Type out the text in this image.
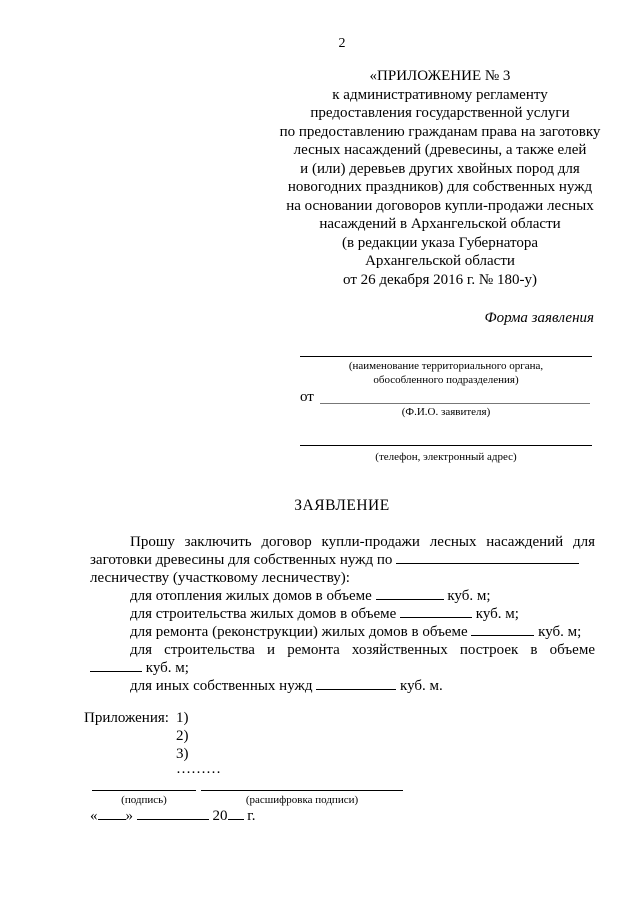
2
«ПРИЛОЖЕНИЕ № 3
к административному регламенту
предоставления государственной услуги
по предоставлению гражданам права на заготовку
лесных насаждений (древесины, а также елей
и (или) деревьев других хвойных пород для
новогодних праздников) для собственных нужд
на основании договоров купли-продажи лесных
насаждений в Архангельской области
(в редакции указа Губернатора
Архангельской области
от 26 декабря 2016 г. № 180-у)
Форма заявления
(наименование территориального органа,
обособленного подразделения)
от
(Ф.И.О. заявителя)
(телефон, электронный адрес)
ЗАЯВЛЕНИЕ
Прошу заключить договор купли-продажи лесных насаждений для
заготовки древесины для собственных нужд по
лесничеству (участковому лесничеству):
для отопления жилых домов в объеме	куб. м;
для строительства жилых домов в объеме	куб. м;
для ремонта (реконструкции) жилых домов в объеме	куб. м;
для строительства и ремонта хозяйственных построек в объеме
куб. м;
для иных собственных нужд	куб. м.
Приложения: 1)
2)
3)
………
(подпись)	(расшифровка подписи)
« »	20 г.
